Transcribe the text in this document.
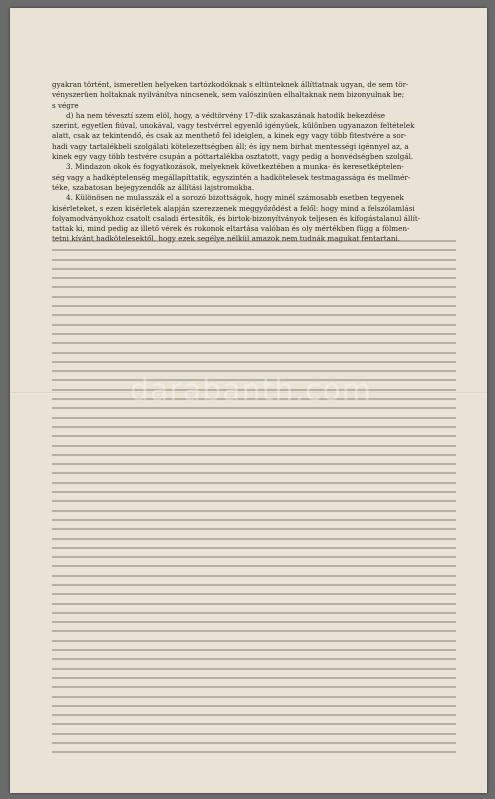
gyakran történt, ismeretlen helyeken tartózkodóknak s eltünteknek állíttatnak ugyan, de sem tör-

vényszerüen holtaknak nyilvánítva nincsenek, sem valószinüen elhaltaknak nem bizonyulnak be;

s végre

d) ha nem tévesztí szem elöl, hogy, a védtörvény 17-dik szakaszának hatodik bekezdése

szerint, egyetlen fiúval, unokával, vagy testvérrel egyenlő igényüek, különben ugyanazon feltételek

alatt, csak az tekintendő, és csak az menthető fel ideiglen, a kinek egy vagy több fitestvére a sor-

hadi vagy tartalékbeli szolgálati kötelezettségben áll; és így nem birhat mentességi igénnyel az, a

kinek egy vagy több testvére csupán a póttartalékba osztatott, vagy pedig a honvédségben szolgál.

3. Mindazon okok és fogyatkozások, melyeknek következtében a munka- és keresetképtelen-

ség vagy a hadképtelenség megállapíttatik, egyszintén a hadkötelesek testmagassága és mellmér-

téke, szabatosan bejegyzendők az állítási lajstromokba.

4. Különösen ne mulasszák el a sorozó bizottságok, hogy minél számosabb esetben tegyenek

kisérleteket, s ezen kisérletek alapján szerezzenek meggyőződést a felől: hogy mind a felszólamlási

folyamodványokhoz csatolt csaladi értesítők, és birtok-bizonyítványok teljesen és kifogástalanul állít-

tattak ki, mind pedig az illető vérek és rokonok eltartása valóban és oly mértékben függ a fölmen-

tetni kívánt hadkötelesektől, hogy ezek segélye nélkül amazok nem tudnák magukat fentartani.

darabanth.com
